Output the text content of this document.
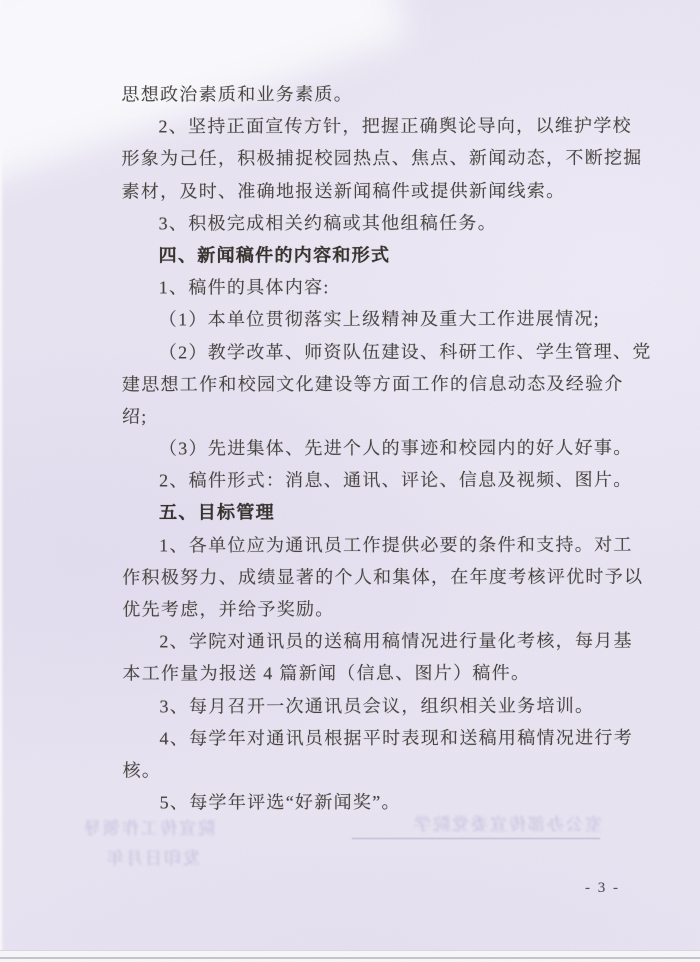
思想政治素质和业务素质。
2、坚持正面宣传方针，把握正确舆论导向，以维护学校
形象为己任，积极捕捉校园热点、焦点、新闻动态，不断挖掘
素材，及时、准确地报送新闻稿件或提供新闻线索。
3、积极完成相关约稿或其他组稿任务。
四、新闻稿件的内容和形式
1、稿件的具体内容:
（1）本单位贯彻落实上级精神及重大工作进展情况;
（2）教学改革、师资队伍建设、科研工作、学生管理、党
建思想工作和校园文化建设等方面工作的信息动态及经验介
绍;
（3）先进集体、先进个人的事迹和校园内的好人好事。
2、稿件形式：消息、通讯、评论、信息及视频、图片。
五、目标管理
1、各单位应为通讯员工作提供必要的条件和支持。对工
作积极努力、成绩显著的个人和集体，在年度考核评优时予以
优先考虑，并给予奖励。
2、学院对通讯员的送稿用稿情况进行量化考核，每月基
本工作量为报送 4 篇新闻（信息、图片）稿件。
3、每月召开一次通讯员会议，组织相关业务培训。
4、每学年对通讯员根据平时表现和送稿用稿情况进行考
核。
5、每学年评选“好新闻奖”。
院宣传工作领导	室公办部传宣委党院学
发印日月年
- 3 -
